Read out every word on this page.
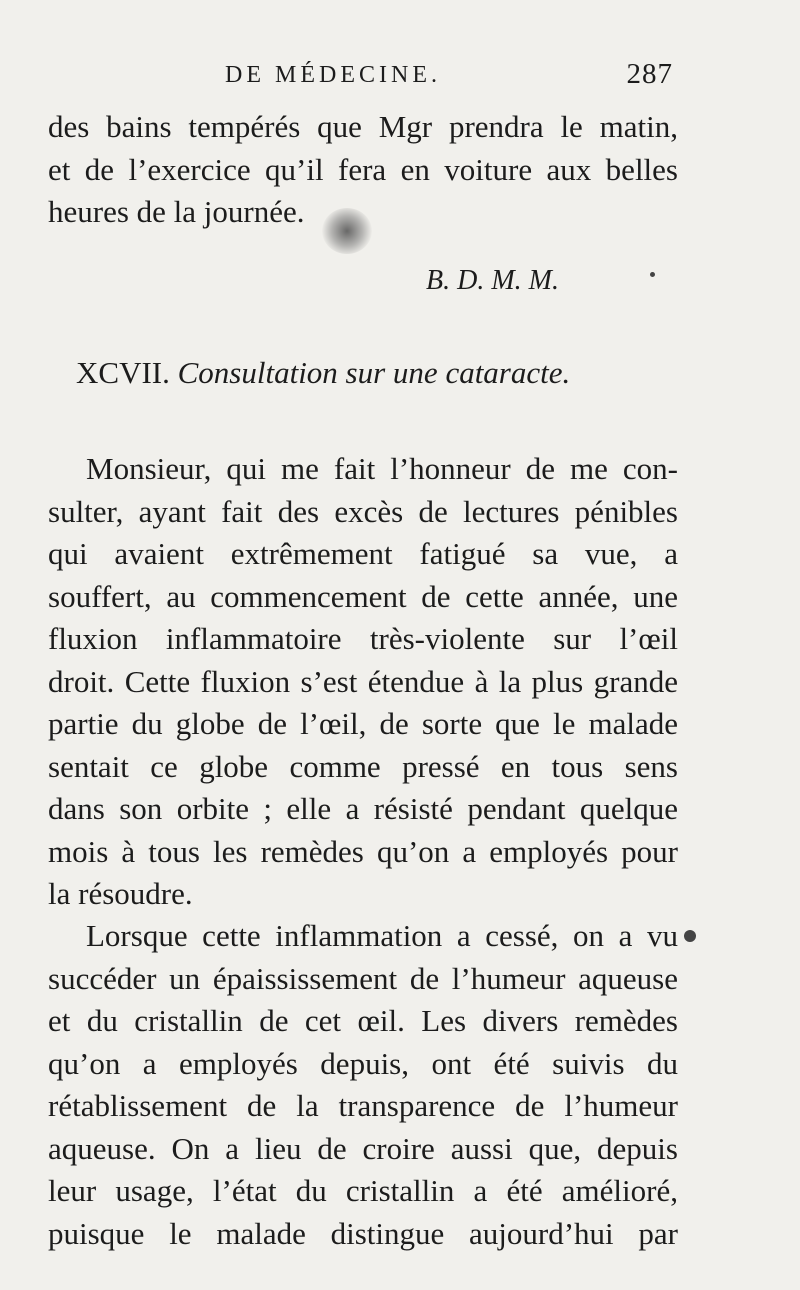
DE MÉDECINE.	287
des bains tempérés que Mgr prendra le matin,
et de l’exercice qu’il fera en voiture aux belles
heures de la journée.
B. D. M. M.
XCVII. Consultation sur une cataracte.
Monsieur, qui me fait l’honneur de me con-
sulter, ayant fait des excès de lectures pénibles
qui avaient extrêmement fatigué sa vue, a
souffert, au commencement de cette année, une
fluxion inflammatoire très-violente sur l’œil
droit. Cette fluxion s’est étendue à la plus grande
partie du globe de l’œil, de sorte que le malade
sentait ce globe comme pressé en tous sens
dans son orbite ; elle a résisté pendant quelque
mois à tous les remèdes qu’on a employés pour
la résoudre.
Lorsque cette inflammation a cessé, on a vu
succéder un épaississement de l’humeur aqueuse
et du cristallin de cet œil. Les divers remèdes
qu’on a employés depuis, ont été suivis du
rétablissement de la transparence de l’humeur
aqueuse. On a lieu de croire aussi que, depuis
leur usage, l’état du cristallin a été amélioré,
puisque le malade distingue aujourd’hui par
